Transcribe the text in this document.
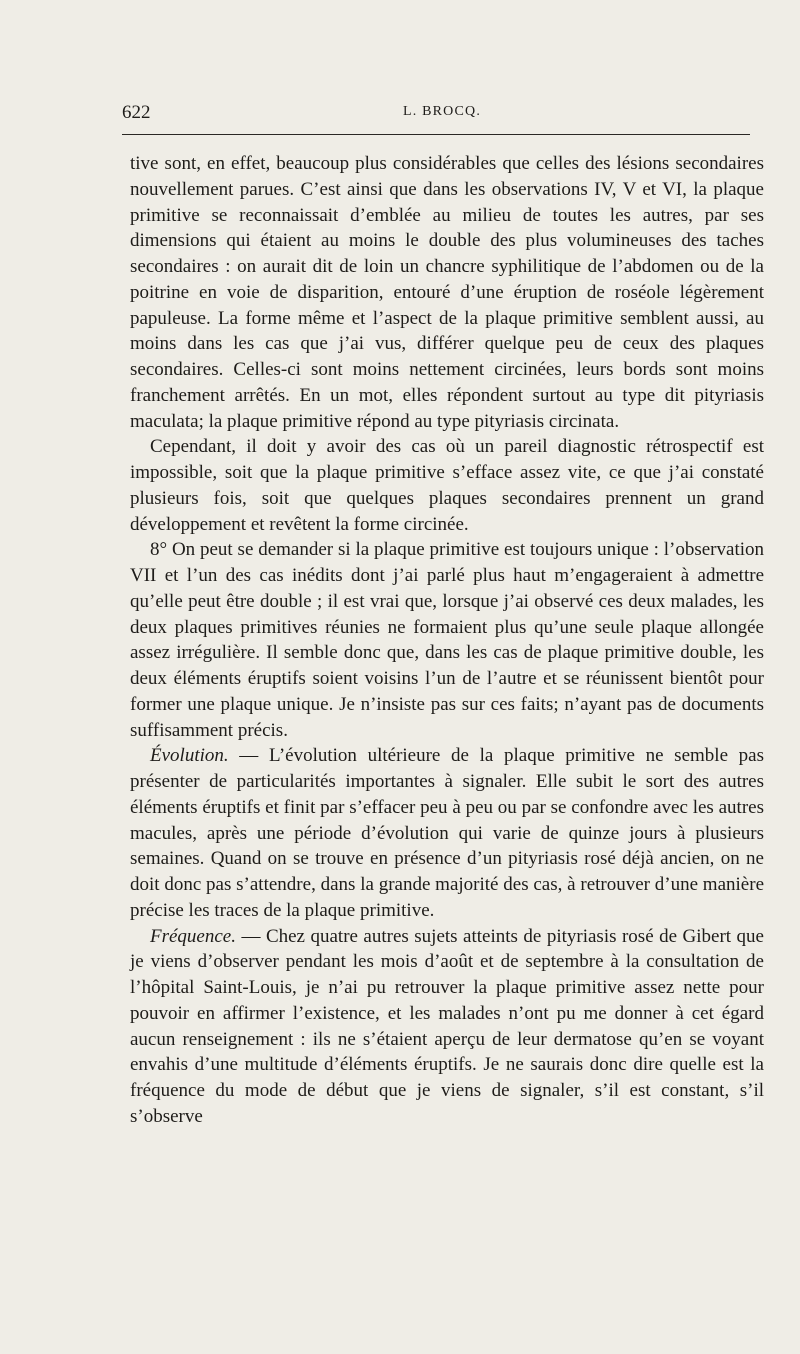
622	L. BROCQ.

tive sont, en effet, beaucoup plus considérables que celles des lésions secondaires nouvellement parues. C’est ainsi que dans les observations IV, V et VI, la plaque primitive se reconnaissait d’emblée au milieu de toutes les autres, par ses dimensions qui étaient au moins le double des plus volumineuses des taches secondaires : on aurait dit de loin un chancre syphilitique de l’abdomen ou de la poitrine en voie de disparition, entouré d’une éruption de roséole légèrement papuleuse. La forme même et l’aspect de la plaque primitive semblent aussi, au moins dans les cas que j’ai vus, différer quelque peu de ceux des plaques secondaires. Celles-ci sont moins nettement circinées, leurs bords sont moins franchement arrêtés. En un mot, elles répondent surtout au type dit pityriasis maculata; la plaque primitive répond au type pityriasis circinata.

Cependant, il doit y avoir des cas où un pareil diagnostic rétrospectif est impossible, soit que la plaque primitive s’efface assez vite, ce que j’ai constaté plusieurs fois, soit que quelques plaques secondaires prennent un grand développement et revêtent la forme circinée.

8° On peut se demander si la plaque primitive est toujours unique : l’observation VII et l’un des cas inédits dont j’ai parlé plus haut m’engageraient à admettre qu’elle peut être double ; il est vrai que, lorsque j’ai observé ces deux malades, les deux plaques primitives réunies ne formaient plus qu’une seule plaque allongée assez irrégulière. Il semble donc que, dans les cas de plaque primitive double, les deux éléments éruptifs soient voisins l’un de l’autre et se réunissent bientôt pour former une plaque unique. Je n’insiste pas sur ces faits; n’ayant pas de documents suffisamment précis.

Évolution. — L’évolution ultérieure de la plaque primitive ne semble pas présenter de particularités importantes à signaler. Elle subit le sort des autres éléments éruptifs et finit par s’effacer peu à peu ou par se confondre avec les autres macules, après une période d’évolution qui varie de quinze jours à plusieurs semaines. Quand on se trouve en présence d’un pityriasis rosé déjà ancien, on ne doit donc pas s’attendre, dans la grande majorité des cas, à retrouver d’une manière précise les traces de la plaque primitive.

Fréquence. — Chez quatre autres sujets atteints de pityriasis rosé de Gibert que je viens d’observer pendant les mois d’août et de septembre à la consultation de l’hôpital Saint-Louis, je n’ai pu retrouver la plaque primitive assez nette pour pouvoir en affirmer l’existence, et les malades n’ont pu me donner à cet égard aucun renseignement : ils ne s’étaient aperçu de leur dermatose qu’en se voyant envahis d’une multitude d’éléments éruptifs. Je ne saurais donc dire quelle est la fréquence du mode de début que je viens de signaler, s’il est constant, s’il s’observe
